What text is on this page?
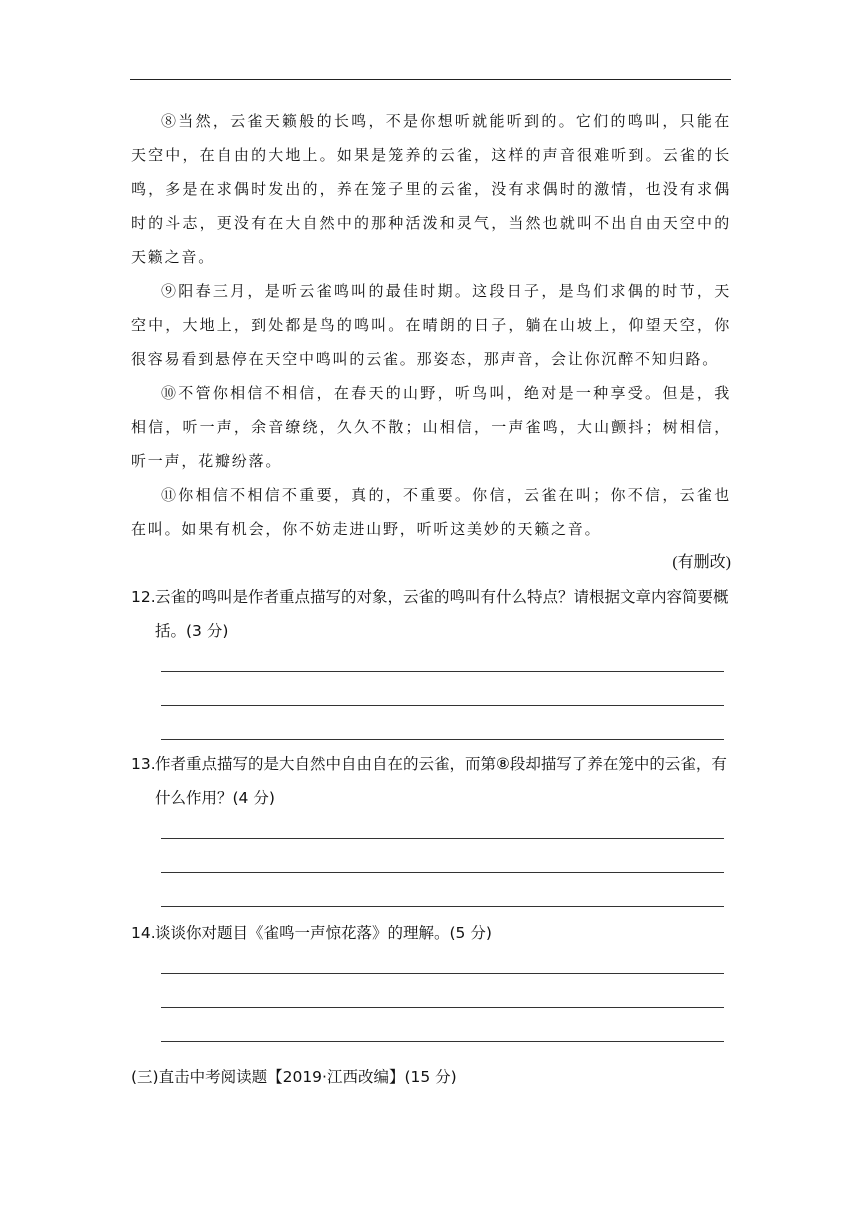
⑧当然，云雀天籁般的长鸣，不是你想听就能听到的。它们的鸣叫，只能在天空中，在自由的大地上。如果是笼养的云雀，这样的声音很难听到。云雀的长鸣，多是在求偶时发出的，养在笼子里的云雀，没有求偶时的激情，也没有求偶时的斗志，更没有在大自然中的那种活泼和灵气，当然也就叫不出自由天空中的天籁之音。

⑨阳春三月，是听云雀鸣叫的最佳时期。这段日子，是鸟们求偶的时节，天空中，大地上，到处都是鸟的鸣叫。在晴朗的日子，躺在山坡上，仰望天空，你很容易看到悬停在天空中鸣叫的云雀。那姿态，那声音，会让你沉醉不知归路。

⑩不管你相信不相信，在春天的山野，听鸟叫，绝对是一种享受。但是，我相信，听一声，余音缭绕，久久不散；山相信，一声雀鸣，大山颤抖；树相信，听一声，花瓣纷落。

⑪你相信不相信不重要，真的，不重要。你信，云雀在叫；你不信，云雀也在叫。如果有机会，你不妨走进山野，听听这美妙的天籁之音。

(有删改)
12. 云雀的鸣叫是作者重点描写的对象，云雀的鸣叫有什么特点？请根据文章内容简要概括。(3 分)
13. 作者重点描写的是大自然中自由自在的云雀，而第⑧段却描写了养在笼中的云雀，有什么作用？(4 分)
14. 谈谈你对题目《雀鸣一声惊花落》的理解。(5 分)
(三)直击中考阅读题【2019·江西改编】(15 分)
